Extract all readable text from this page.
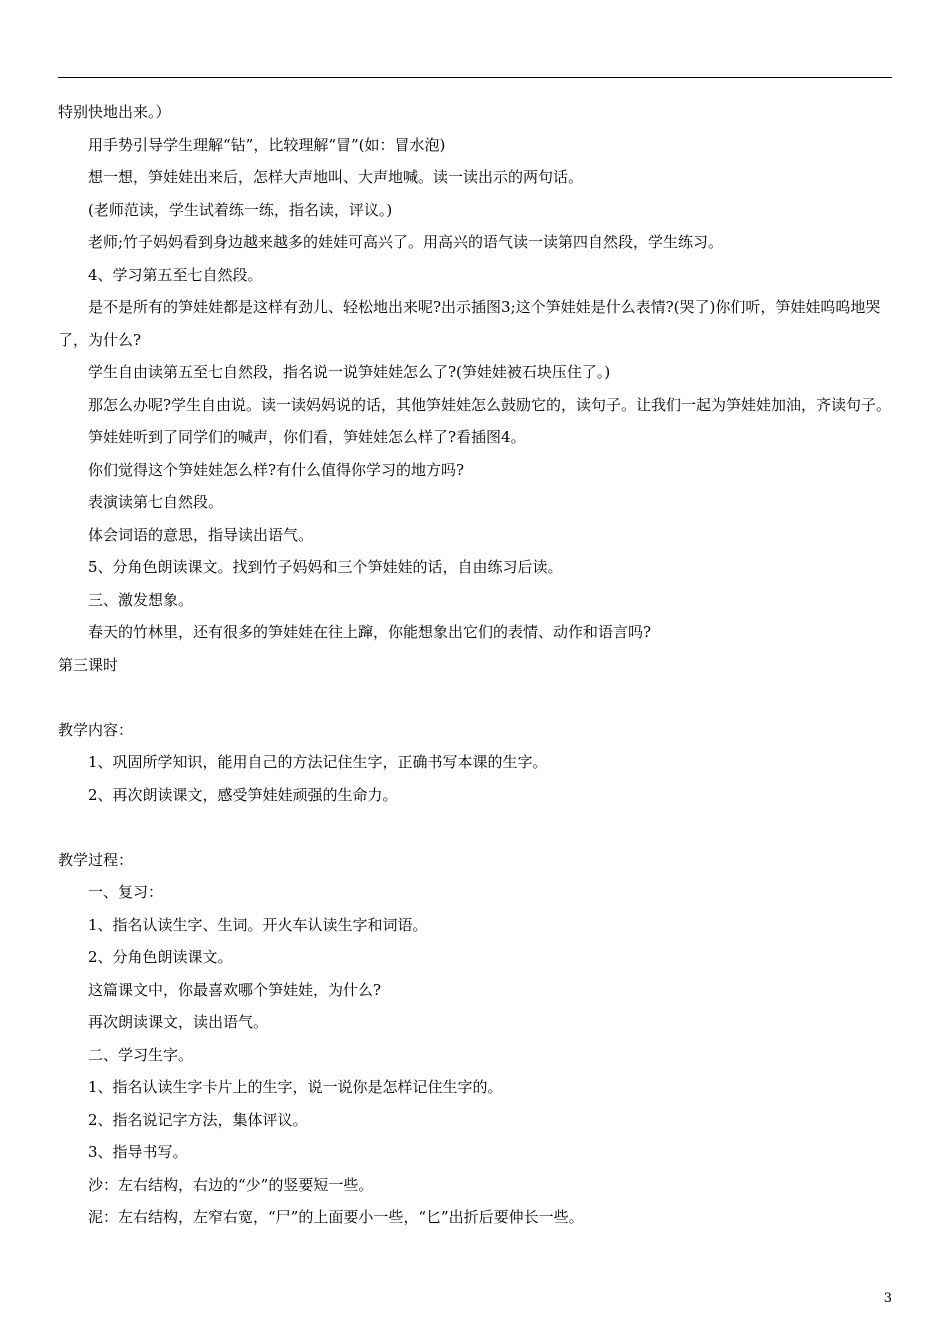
特别快地出来。）

用手势引导学生理解“钻”，比较理解“冒”(如：冒水泡)

想一想，笋娃娃出来后，怎样大声地叫、大声地喊。读一读出示的两句话。

(老师范读，学生试着练一练，指名读，评议。)

老师;竹子妈妈看到身边越来越多的娃娃可高兴了。用高兴的语气读一读第四自然段，学生练习。

4、学习第五至七自然段。

是不是所有的笋娃娃都是这样有劲儿、轻松地出来呢?出示插图3;这个笋娃娃是什么表情?(哭了)你们听，笋娃娃呜呜地哭了，为什么?

学生自由读第五至七自然段，指名说一说笋娃娃怎么了?(笋娃娃被石块压住了。)

那怎么办呢?学生自由说。读一读妈妈说的话，其他笋娃娃怎么鼓励它的，读句子。让我们一起为笋娃娃加油，齐读句子。

笋娃娃听到了同学们的喊声，你们看，笋娃娃怎么样了?看插图4。

你们觉得这个笋娃娃怎么样?有什么值得你学习的地方吗?

表演读第七自然段。

体会词语的意思，指导读出语气。

5、分角色朗读课文。找到竹子妈妈和三个笋娃娃的话，自由练习后读。

三、激发想象。

春天的竹林里，还有很多的笋娃娃在往上蹿，你能想象出它们的表情、动作和语言吗?

第三课时

教学内容：

1、巩固所学知识，能用自己的方法记住生字，正确书写本课的生字。

2、再次朗读课文，感受笋娃娃顽强的生命力。

教学过程：

一、复习：

1、指名认读生字、生词。开火车认读生字和词语。

2、分角色朗读课文。

这篇课文中，你最喜欢哪个笋娃娃，为什么?

再次朗读课文，读出语气。

二、学习生字。

1、指名认读生字卡片上的生字，说一说你是怎样记住生字的。

2、指名说记字方法，集体评议。

3、指导书写。

沙：左右结构，右边的“少”的竖要短一些。

泥：左右结构，左窄右宽，“尸”的上面要小一些，“匕”出折后要伸长一些。

3
